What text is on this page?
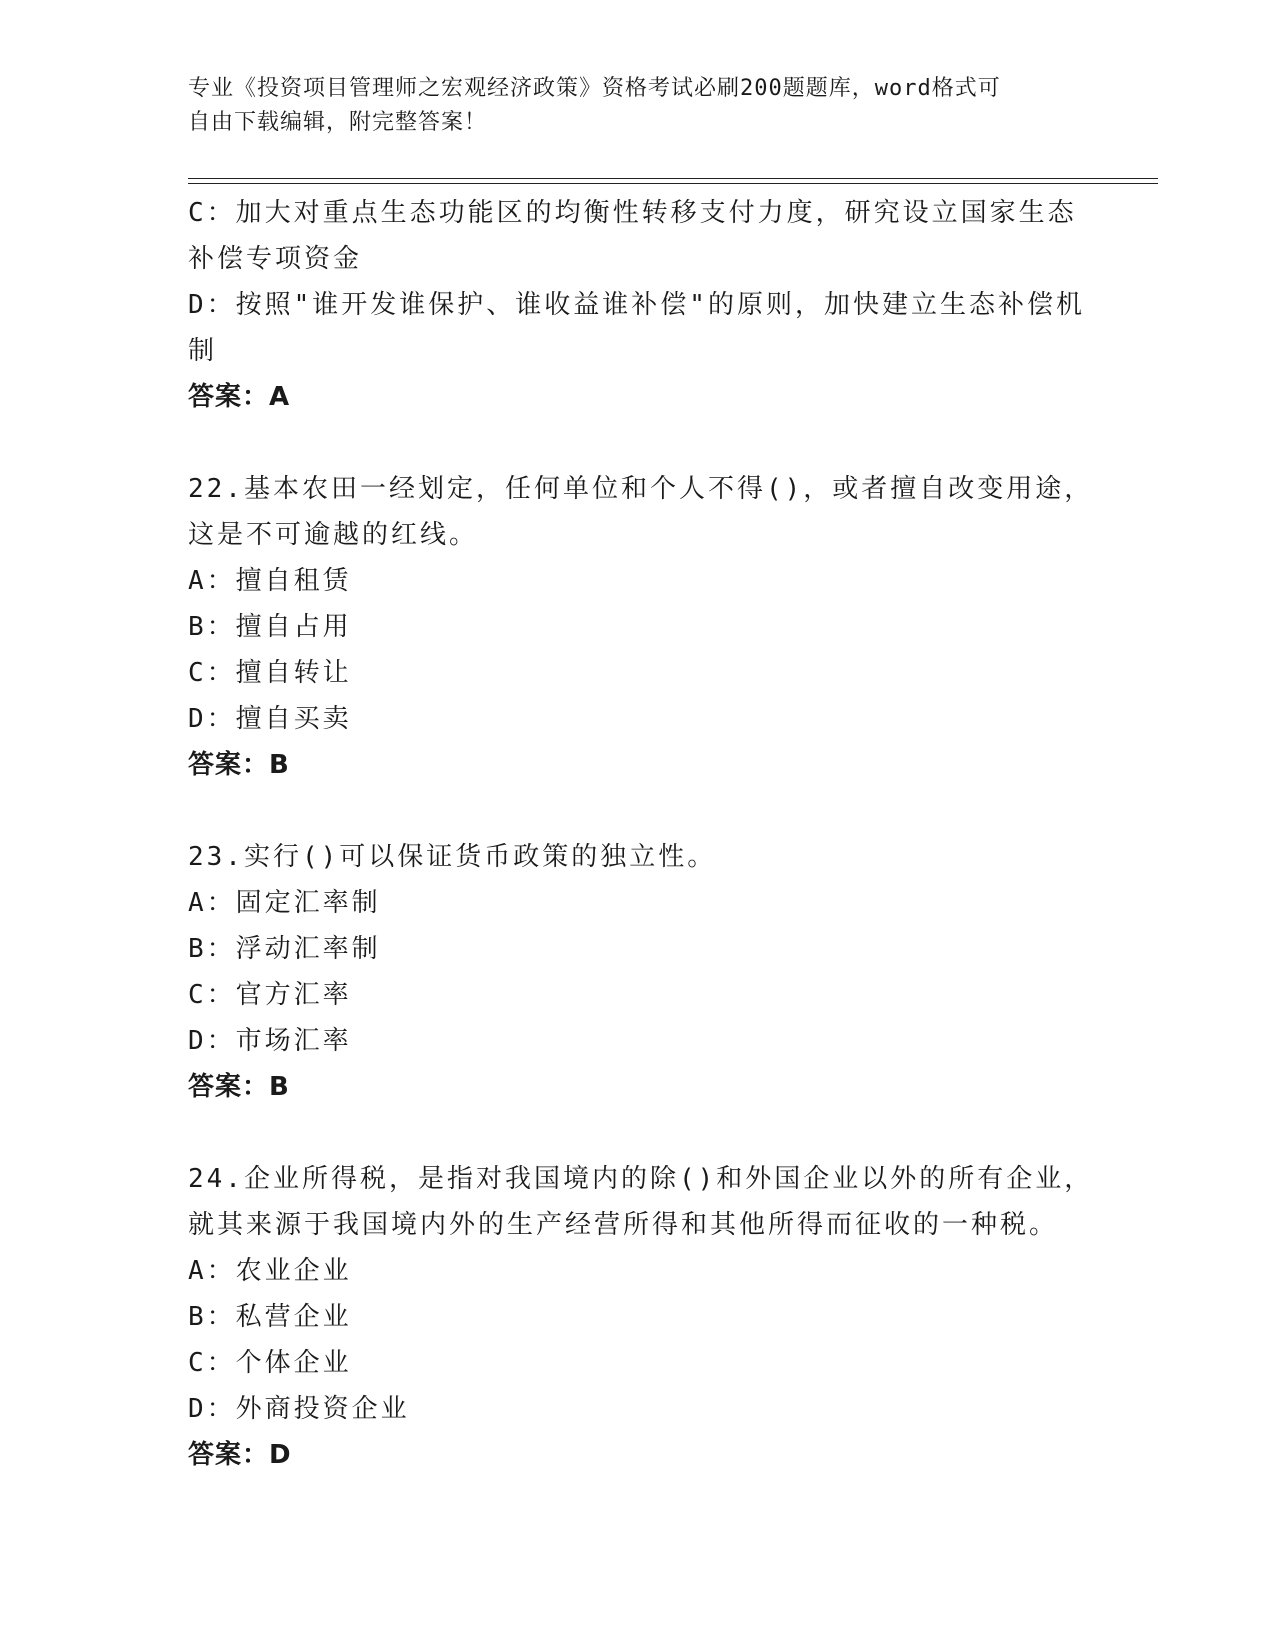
专业《投资项目管理师之宏观经济政策》资格考试必刷200题题库，word格式可

自由下载编辑，附完整答案！

C：加大对重点生态功能区的均衡性转移支付力度，研究设立国家生态

补偿专项资金

D：按照"谁开发谁保护、谁收益谁补偿"的原则，加快建立生态补偿机

制

答案：A

22.基本农田一经划定，任何单位和个人不得()，或者擅自改变用途，

这是不可逾越的红线。

A：擅自租赁

B：擅自占用

C：擅自转让

D：擅自买卖

答案：B

23.实行()可以保证货币政策的独立性。

A：固定汇率制

B：浮动汇率制

C：官方汇率

D：市场汇率

答案：B

24.企业所得税，是指对我国境内的除()和外国企业以外的所有企业，

就其来源于我国境内外的生产经营所得和其他所得而征收的一种税。

A：农业企业

B：私营企业

C：个体企业

D：外商投资企业

答案：D
